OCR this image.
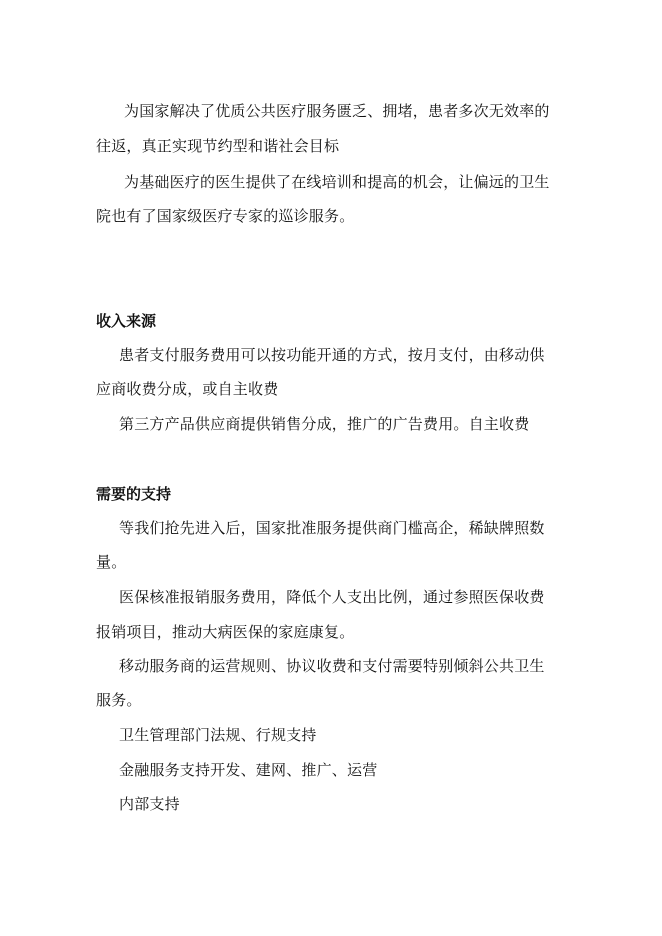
为国家解决了优质公共医疗服务匮乏、拥堵，患者多次无效率的
往返，真正实现节约型和谐社会目标
为基础医疗的医生提供了在线培训和提高的机会，让偏远的卫生
院也有了国家级医疗专家的巡诊服务。
收入来源
患者支付服务费用可以按功能开通的方式，按月支付，由移动供
应商收费分成，或自主收费
第三方产品供应商提供销售分成，推广的广告费用。自主收费
需要的支持
等我们抢先进入后，国家批准服务提供商门槛高企，稀缺牌照数
量。
医保核准报销服务费用，降低个人支出比例，通过参照医保收费
报销项目，推动大病医保的家庭康复。
移动服务商的运营规则、协议收费和支付需要特别倾斜公共卫生
服务。
卫生管理部门法规、行规支持
金融服务支持开发、建网、推广、运营
内部支持
